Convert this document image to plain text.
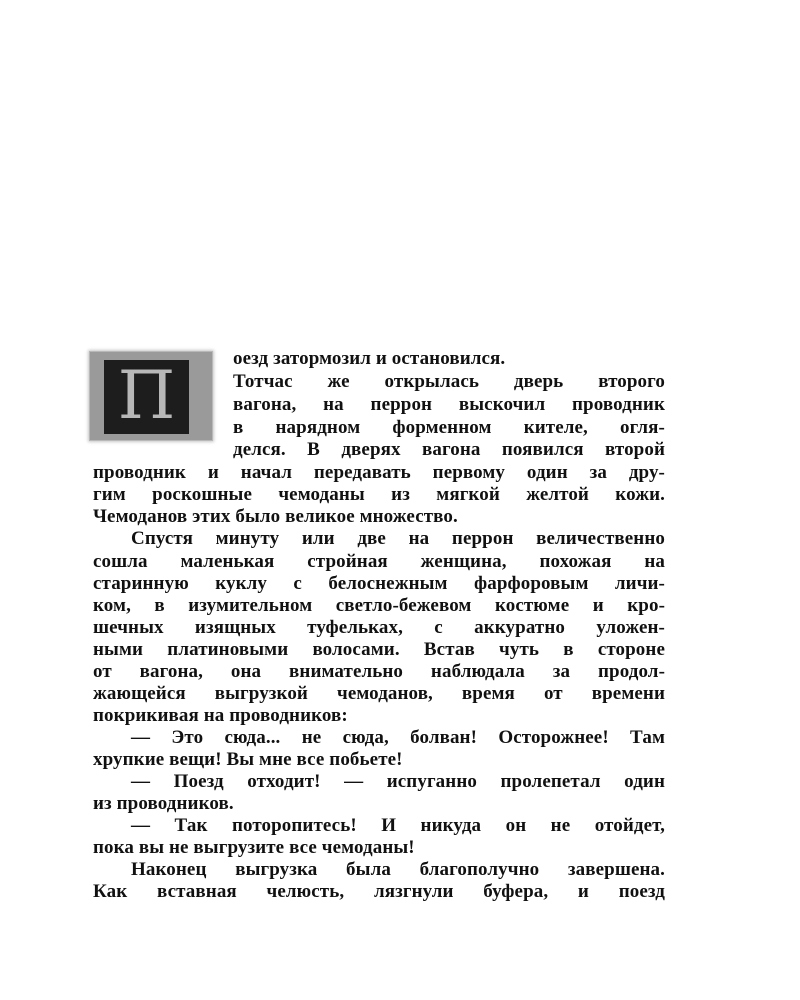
П	оезд затормозил и остановился.
Тотчас же открылась дверь второго
вагона, на перрон выскочил проводник
в нарядном форменном кителе, огля-
делся. В дверях вагона появился второй
проводник и начал передавать первому один за дру-
гим роскошные чемоданы из мягкой желтой кожи.
Чемоданов этих было великое множество.
Спустя минуту или две на перрон величественно
сошла маленькая стройная женщина, похожая на
старинную куклу с белоснежным фарфоровым личи-
ком, в изумительном светло-бежевом костюме и кро-
шечных изящных туфельках, с аккуратно уложен-
ными платиновыми волосами. Встав чуть в стороне
от вагона, она внимательно наблюдала за продол-
жающейся выгрузкой чемоданов, время от времени
покрикивая на проводников:
— Это сюда... не сюда, болван! Осторожнее! Там
хрупкие вещи! Вы мне все побьете!
— Поезд отходит! — испуганно пролепетал один
из проводников.
— Так поторопитесь! И никуда он не отойдет,
пока вы не выгрузите все чемоданы!
Наконец выгрузка была благополучно завершена.
Как вставная челюсть, лязгнули буфера, и поезд
